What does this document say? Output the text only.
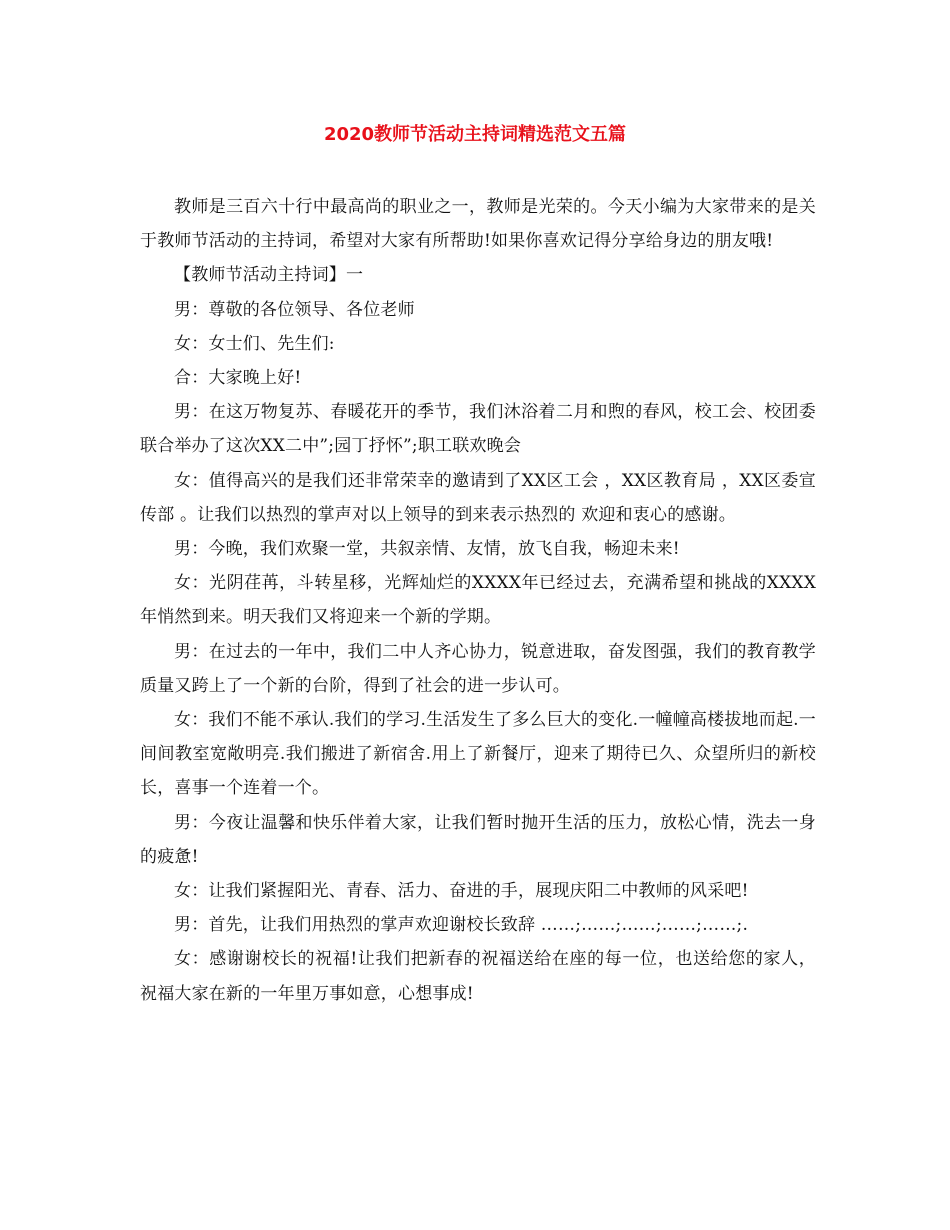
2020教师节活动主持词精选范文五篇

教师是三百六十行中最高尚的职业之一，教师是光荣的。今天小编为大家带来的是关于教师节活动的主持词，希望对大家有所帮助!如果你喜欢记得分享给身边的朋友哦!

【教师节活动主持词】一

男：尊敬的各位领导、各位老师

女：女士们、先生们:

合：大家晚上好!

男：在这万物复苏、春暖花开的季节，我们沐浴着二月和煦的春风，校工会、校团委联合举办了这次XX二中”;园丁抒怀”;职工联欢晚会

女：值得高兴的是我们还非常荣幸的邀请到了XX区工会 ，XX区教育局 ，XX区委宣传部 。让我们以热烈的掌声对以上领导的到来表示热烈的 欢迎和衷心的感谢。

男：今晚，我们欢聚一堂，共叙亲情、友情，放飞自我，畅迎未来!

女：光阴荏苒，斗转星移，光辉灿烂的XXXX年已经过去，充满希望和挑战的XXXX年悄然到来。明天我们又将迎来一个新的学期。

男：在过去的一年中，我们二中人齐心协力，锐意进取，奋发图强，我们的教育教学质量又跨上了一个新的台阶，得到了社会的进一步认可。

女：我们不能不承认.我们的学习.生活发生了多么巨大的变化.一幢幢高楼拔地而起.一间间教室宽敞明亮.我们搬进了新宿舍.用上了新餐厅，迎来了期待已久、众望所归的新校长，喜事一个连着一个。

男：今夜让温馨和快乐伴着大家，让我们暂时抛开生活的压力，放松心情，洗去一身的疲惫!

女：让我们紧握阳光、青春、活力、奋进的手，展现庆阳二中教师的风采吧!

男：首先，让我们用热烈的掌声欢迎谢校长致辞 ……;……;……;……;……;.

女：感谢谢校长的祝福!让我们把新春的祝福送给在座的每一位，也送给您的家人，祝福大家在新的一年里万事如意，心想事成!
